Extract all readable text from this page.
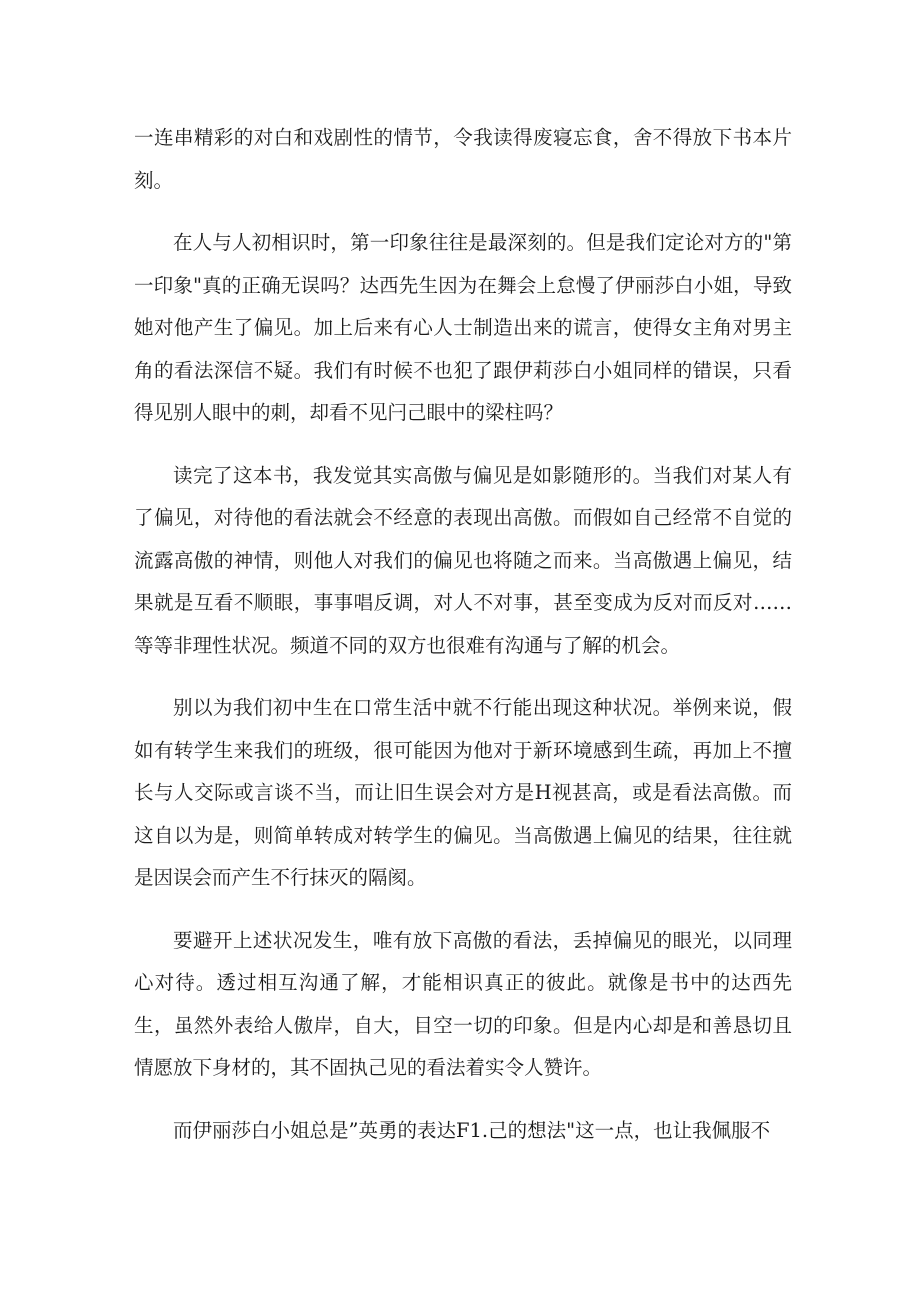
一连串精彩的对白和戏剧性的情节，令我读得废寝忘食，舍不得放下书本片刻。

在人与人初相识时，第一印象往往是最深刻的。但是我们定论对方的"第一印象"真的正确无误吗？达西先生因为在舞会上怠慢了伊丽莎白小姐，导致她对他产生了偏见。加上后来有心人士制造出来的谎言，使得女主角对男主角的看法深信不疑。我们有时候不也犯了跟伊莉莎白小姐同样的错误，只看得见别人眼中的刺，却看不见闩己眼中的梁柱吗？

读完了这本书，我发觉其实高傲与偏见是如影随形的。当我们对某人有了偏见，对待他的看法就会不经意的表现出高傲。而假如自己经常不自觉的流露高傲的神情，则他人对我们的偏见也将随之而来。当高傲遇上偏见，结果就是互看不顺眼，事事唱反调，对人不对事，甚至变成为反对而反对……等等非理性状况。频道不同的双方也很难有沟通与了解的机会。

别以为我们初中生在口常生活中就不行能出现这种状况。举例来说，假如有转学生来我们的班级，很可能因为他对于新环境感到生疏，再加上不擅长与人交际或言谈不当，而让旧生误会对方是H视甚高，或是看法高傲。而这自以为是，则简单转成对转学生的偏见。当高傲遇上偏见的结果，往往就是因误会而产生不行抹灭的隔阂。

要避开上述状况发生，唯有放下高傲的看法，丢掉偏见的眼光，以同理心对待。透过相互沟通了解，才能相识真正的彼此。就像是书中的达西先生，虽然外表给人傲岸，自大，目空一切的印象。但是内心却是和善恳切且情愿放下身材的，其不固执己见的看法着实令人赞许。

而伊丽莎白小姐总是”英勇的表达F1.己的想法"这一点，也让我佩服不
